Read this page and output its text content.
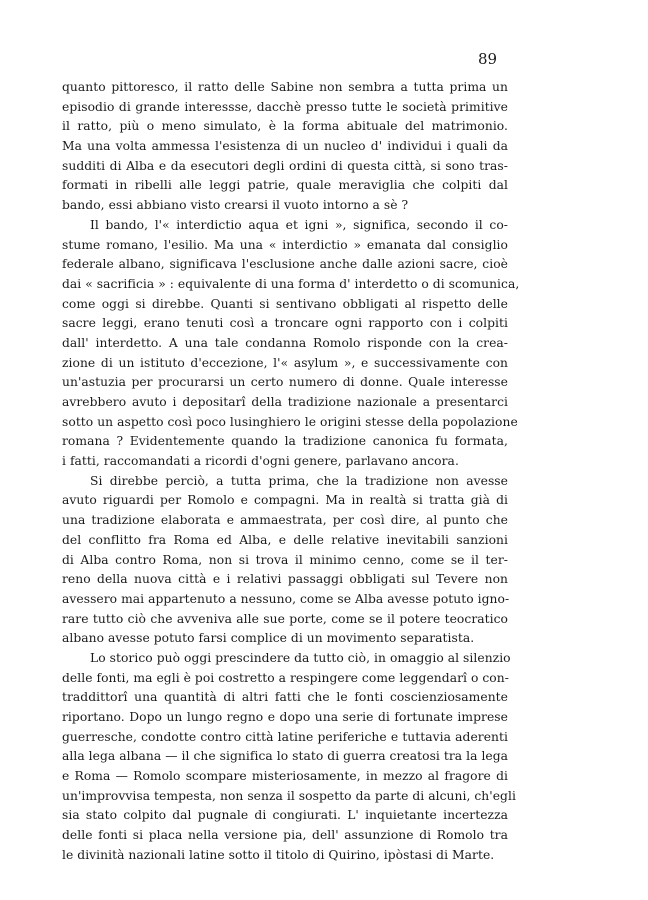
89
quanto pittoresco, il ratto delle Sabine non sembra a tutta prima un
episodio di grande interessse, dacchè presso tutte le società primitive
il ratto, più o meno simulato, è la forma abituale del matrimonio.
Ma una volta ammessa l'esistenza di un nucleo d' individui i quali da
sudditi di Alba e da esecutori degli ordini di questa città, si sono tras-
formati in ribelli alle leggi patrie, quale meraviglia che colpiti dal
bando, essi abbiano visto crearsi il vuoto intorno a sè ?
Il bando, l'« interdictio aqua et igni », significa, secondo il co-
stume romano, l'esilio. Ma una « interdictio » emanata dal consiglio
federale albano, significava l'esclusione anche dalle azioni sacre, cioè
dai « sacrificia » : equivalente di una forma d' interdetto o di scomunica,
come oggi si direbbe. Quanti si sentivano obbligati al rispetto delle
sacre leggi, erano tenuti così a troncare ogni rapporto con i colpiti
dall' interdetto. A una tale condanna Romolo risponde con la crea-
zione di un istituto d'eccezione, l'« asylum », e successivamente con
un'astuzia per procurarsi un certo numero di donne. Quale interesse
avrebbero avuto i depositarî della tradizione nazionale a presentarci
sotto un aspetto così poco lusinghiero le origini stesse della popolazione
romana ? Evidentemente quando la tradizione canonica fu formata,
i fatti, raccomandati a ricordi d'ogni genere, parlavano ancora.
Si direbbe perciò, a tutta prima, che la tradizione non avesse
avuto riguardi per Romolo e compagni. Ma in realtà si tratta già di
una tradizione elaborata e ammaestrata, per così dire, al punto che
del conflitto fra Roma ed Alba, e delle relative inevitabili sanzioni
di Alba contro Roma, non si trova il minimo cenno, come se il ter-
reno della nuova città e i relativi passaggi obbligati sul Tevere non
avessero mai appartenuto a nessuno, come se Alba avesse potuto igno-
rare tutto ciò che avveniva alle sue porte, come se il potere teocratico
albano avesse potuto farsi complice di un movimento separatista.
Lo storico può oggi prescindere da tutto ciò, in omaggio al silenzio
delle fonti, ma egli è poi costretto a respingere come leggendarî o con-
traddittorî una quantità di altri fatti che le fonti coscienziosamente
riportano. Dopo un lungo regno e dopo una serie di fortunate imprese
guerresche, condotte contro città latine periferiche e tuttavia aderenti
alla lega albana — il che significa lo stato di guerra creatosi tra la lega
e Roma — Romolo scompare misteriosamente, in mezzo al fragore di
un'improvvisa tempesta, non senza il sospetto da parte di alcuni, ch'egli
sia stato colpito dal pugnale di congiurati. L' inquietante incertezza
delle fonti si placa nella versione pia, dell' assunzione di Romolo tra
le divinità nazionali latine sotto il titolo di Quirino, ipòstasi di Marte.
